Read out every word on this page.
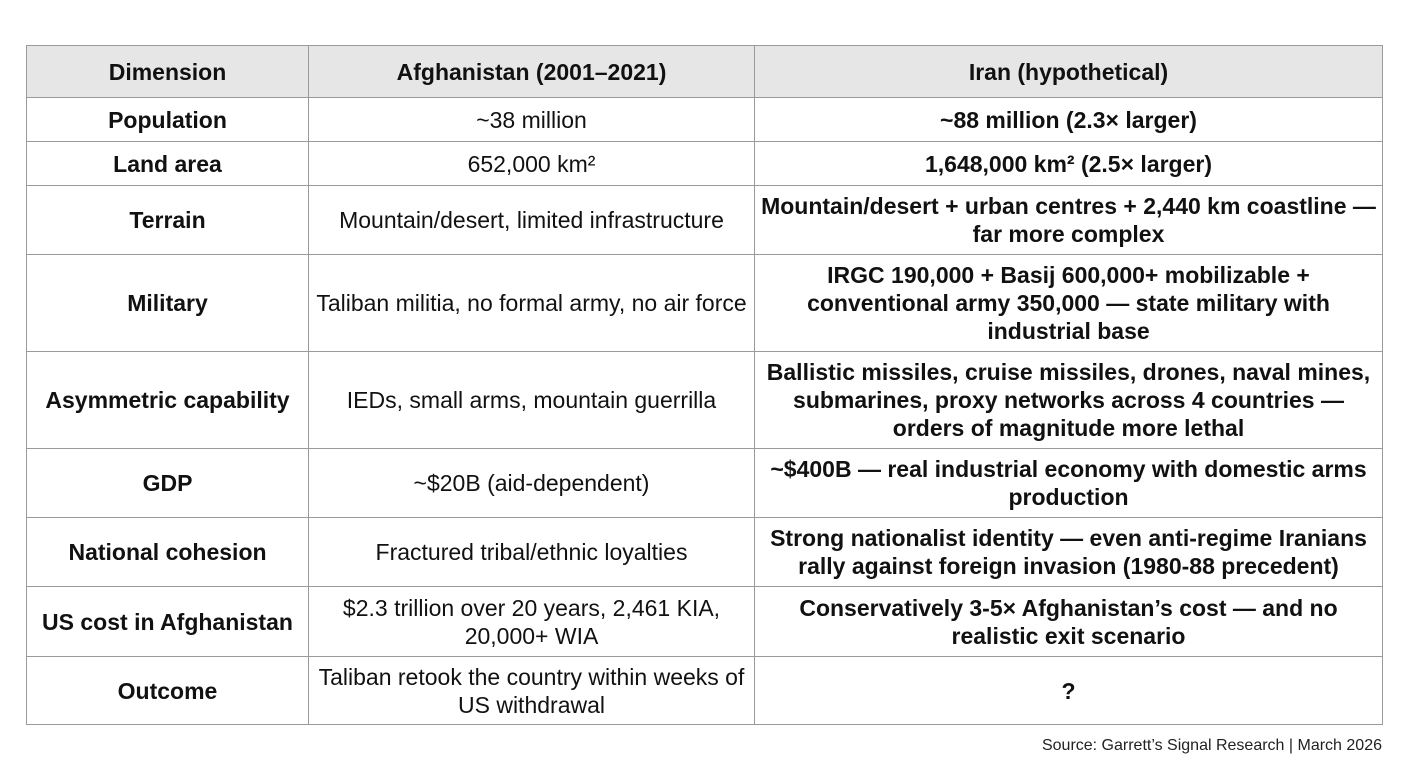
Dimension	Afghanistan (2001–2021)	Iran (hypothetical)
Population	~38 million	~88 million (2.3× larger)
Land area	652,000 km²	1,648,000 km² (2.5× larger)
Terrain	Mountain/desert, limited infrastructure	Mountain/desert + urban centres + 2,440 km coastline — far more complex
Military	Taliban militia, no formal army, no air force	IRGC 190,000 + Basij 600,000+ mobilizable + conventional army 350,000 — state military with industrial base
Asymmetric capability	IEDs, small arms, mountain guerrilla	Ballistic missiles, cruise missiles, drones, naval mines, submarines, proxy networks across 4 countries — orders of magnitude more lethal
GDP	~$20B (aid-dependent)	~$400B — real industrial economy with domestic arms production
National cohesion	Fractured tribal/ethnic loyalties	Strong nationalist identity — even anti-regime Iranians rally against foreign invasion (1980-88 precedent)
US cost in Afghanistan	$2.3 trillion over 20 years, 2,461 KIA, 20,000+ WIA	Conservatively 3-5× Afghanistan’s cost — and no realistic exit scenario
Outcome	Taliban retook the country within weeks of US withdrawal	?
Source: Garrett’s Signal Research | March 2026
